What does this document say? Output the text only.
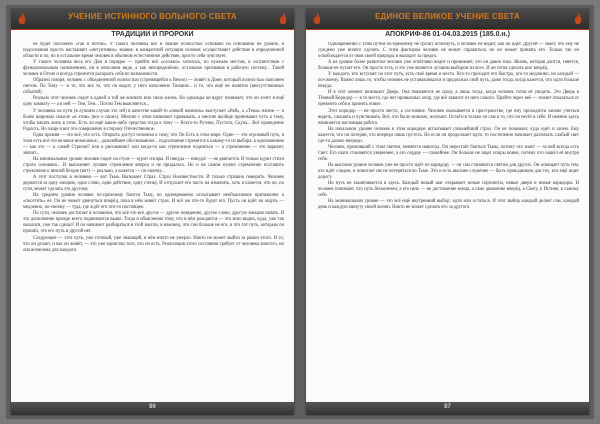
УЧЕНИЕ ИСТИННОГО ВОЛЬНОГО СВЕТА
ТРАДИЦИИ И ПРОРОКИ

не будет положено «так и потом». У такого человека все и знание полностью основано на основании не уровне, и подсознания просто наставляет «интуитивно» знание. в конкретной ситуации человек осуществляет действие в определенной области и по, но в остальное время человек в обычном естественное действие, просто себя чувствует.

У такого человека весь его Дом в порядке — прийти всё «сложно» хотелось, по нужным местам, в соответствии с функциональным назначением, ни в неполном виде, а как неопределённо, остальное признавая в рабочую систему... Такой человек в Отеле и всегда стремится раскрыть себя по возможности.

Образно говоря, человек с объединенной полностью (стремящейся к Вечно) — живёт в Доме, который полностью наполнен светом. По Тому — и то, что все то, что он видит, у него наполнено Тиешим... и то, что ещё не понятно (внесутственных событий).

Реально этот человек сидит в одной и той же комнате всю свою жизнь. Но однажды он вдруг понимает, что он хочет в ещё одну комнату — а в ней — Тем, Тем... Потом Тем выясняется...

У человека на пути (в лучшем случае это зеб) в качестве какой-то «новой комнаты» выступает «Рай», а «Тема» жизни — в более широком смысле «в этом» (все о своих). Многие с этим начинают привыкать, а многие вообще принимают путь к тому, чтобы начать жить в этом. Есть ли ещё какие-либо средства тогда к тому — Всего-то Рутина, Пустота, Скука... Всё проведение Радость. Но чаще и вот это совершенно в сторону Отечественное.

Одна премия — это всё, что есть. Открыть доступ человека к тому, что Он Есть в этом мире. Один — это огромный путь, в этом есть всё это великое возможное... дальнейшее обоснованное... подсознание стремится к какому-то из выбора: к вдохновению — как это — к самой Стрелке? или к рисованию? или когда-то как стремление подняться — к стремлению — это вариант, значит...

На минимальном уровне человек сидит на стуле — курит сигары. И никуда — никуда! — не двигается. И только курит стихи строго основано... И выполняет лучшее стремление вперед и не придалось. Но и на самом нужно стремление поставить стремление к вечной бездне (вот) — реально, а кажется — по-своему...

А этот поступок в человеке — вот Тьма. Вызывает Страх. Страх Неизвестности. И только страшно поверить. Человек держится за одну эмоцию, одно слово, одно действие, одну стенку. И отпускает его часто на изменить, хоть и кажется, что он, по сути, может сделать это другому.

На среднем уровне человек по-прежнему боится Тьму, но одновременно испытывает необъяснимое притяжение к «посетить» её. Он не может двинуться вперёд, пока в нём живёт страх. И всё же что-то будит его. Пусть он идёт на ощупь — медленно, по-своему — туда, где ждёт его что-то настоящее.

По сути, человек достигает в основном, что всё это все другое — другое поведение, другое слово, другую эмоцию начать. И это дополнение прежде всего поднимается выше. Тогда и объяснение тому, что в нём рождается — это ясно видно, куда, уже так оказался, уже так сделал! И он начинает разбираться в этой мысли, и наконец, что сам больше не его, и что тот путь, которым он прошёл, это его путь и другой нет.

Следующее — этот путь, уже готовый, уже знающий, в нём ничто не умерло. Никто не может выйти за рамки этого. И то, что он делает, и как он живёт, — это уже единство того, что он есть. Реализация этого состояния требует от человека многого, но она возможна для каждого.

86
ЕДИНОЕ ВЕЛИКОЕ УЧЕНИЕ СВЕТА
АПОКРИФ-86 01-04.03.2015 (185.0.н.)

Одновременно с этим путём по-прежнему не грозит исчезнуть, и человек не видит, как он идёт. Другой — знает, что ему не суждено уже ничего сделать. С этим фактором человек не может справиться, но он может принять его. Только так он освобождается от оков своей природы и выходит за предел.

А на уровне более развитом человек уже отчётливо видит и принимает, что он давно знал. Жизнь, которая длится, тянется, больше не пугает его. Он просто есть, и это уже является лучшим выбором из всех. И он готов сделать шаг вперёд.

У каждого, кто вступает на этот путь, есть своё время и место. Кто-то проходит его быстро, кто-то медленно, но каждый — по-своему. Важно лишь то, чтобы человек не останавливался и продолжал свой путь, даже тогда, когда кажется, что идти больше некуда.

И в этот момент возникает Дверь. Она появляется не сразу, а лишь тогда, когда человек готов её увидеть. Это Дверь в Тёмный Коридор — в то место, где нет привычных опор, где всё зависит от него самого. Пройти через неё — значит отказаться от прежнего себя и принять новое.

Этот коридор — не просто место, а состояние. Человек оказывается в пространстве, где ему приходится заново учиться видеть, слышать и чувствовать. Всё, что было знакомо, исчезает. Остаётся только он сам и то, что он несёт в себе. И именно здесь начинается настоящая работа.

На начальном уровне человек в этом коридоре испытывает сильнейший страх. Он не понимает, куда идёт и зачем. Ему кажется, что он потерян, что впереди лишь пустота. Но если он продолжает идти, то постепенно начинает различать слабый свет где-то далеко впереди.

Человек, проживший с этим светом, меняется навсегда. Он перестаёт бояться Тьмы, потому что знает — за ней всегда есть Свет. Его шаги становятся увереннее, а его сердце — спокойнее. Он больше не ищет опоры вовне, потому что нашёл её внутри себя.

На высоком уровне человек уже не просто идёт по коридору — он сам становится светом для других. Он освещает путь тем, кто идёт следом, и помогает им не потеряться во Тьме. Это и есть высшее служение — быть проводником для тех, кто ещё ищет дорогу.

Но путь не заканчивается и здесь. Каждый новый шаг открывает новые горизонты, новые двери и новые коридоры. И человек понимает, что путь бесконечен, а его цель — не достижение конца, а само движение вперёд, к Свету, к Истине, к самому себе.

На минимальном уровне — это всё ещё внутренний выбор: идти или остаться. И этот выбор каждый делает сам, каждый день и каждую минуту своей жизни. Никто не может сделать его за другого.

87
